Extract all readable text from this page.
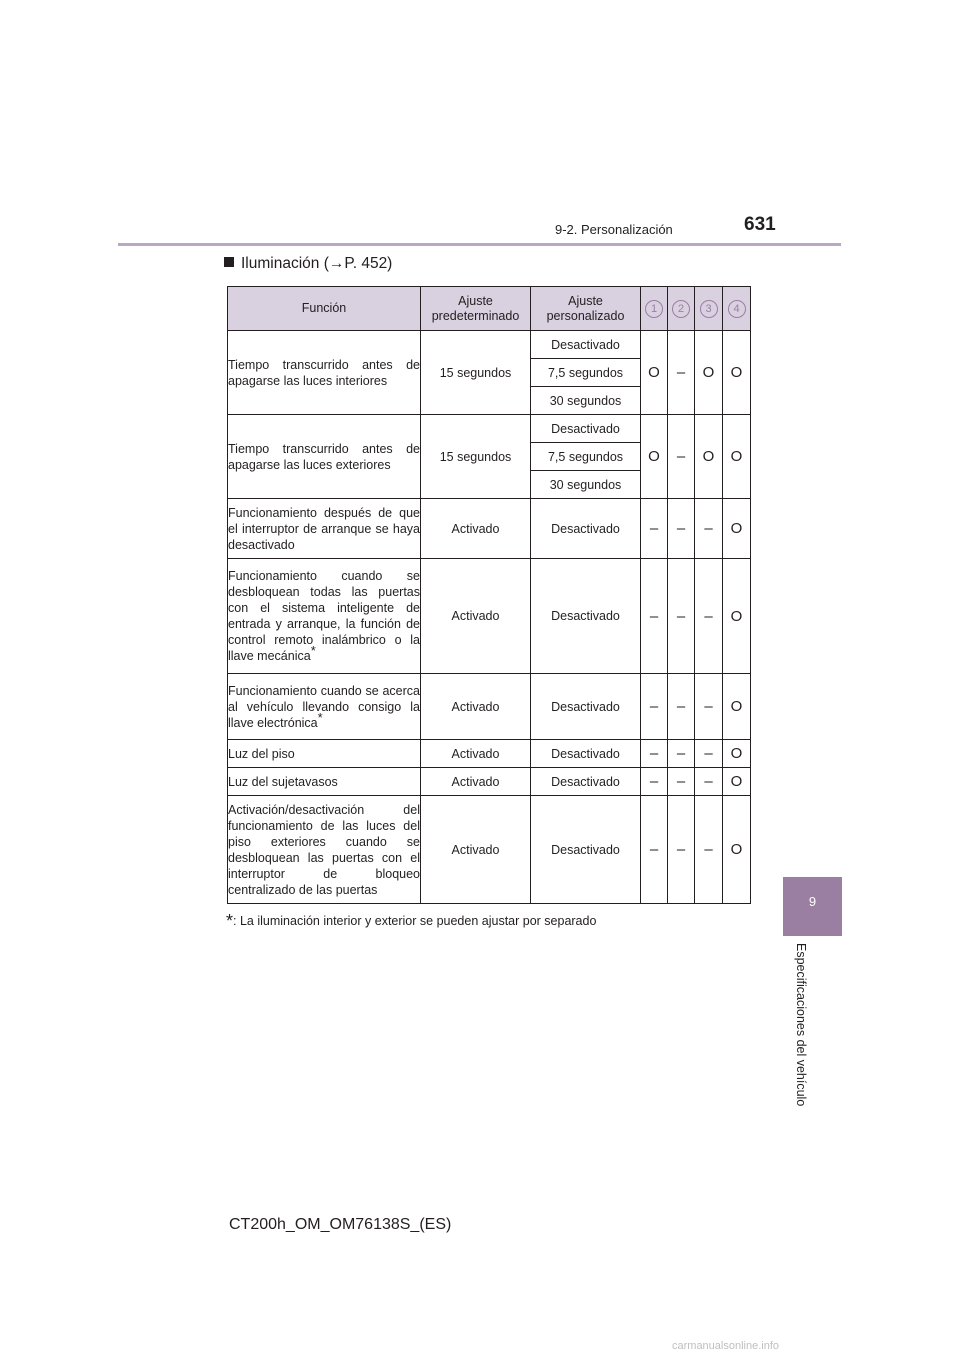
9-2. Personalización	631
9
Especificaciones del vehículo
Iluminación (→P. 452)
Función	Ajuste predeterminado	Ajuste personalizado	1	2	3	4
Tiempo transcurrido antes de apagarse las luces interiores	15 segundos	Desactivado	O	–	O	O
		7,5 segundos				
		30 segundos				
Tiempo transcurrido antes de apagarse las luces exteriores	15 segundos	Desactivado	O	–	O	O
		7,5 segundos				
		30 segundos				
Funcionamiento después de que el interruptor de arranque se haya desactivado	Activado	Desactivado	–	–	–	O
Funcionamiento cuando se desbloquean todas las puertas con el sistema inteligente de entrada y arranque, la función de control remoto inalámbrico o la llave mecánica*	Activado	Desactivado	–	–	–	O
Funcionamiento cuando se acerca al vehículo llevando consigo la llave electrónica*	Activado	Desactivado	–	–	–	O
Luz del piso	Activado	Desactivado	–	–	–	O
Luz del sujetavasos	Activado	Desactivado	–	–	–	O
Activación/desactivación del funcionamiento de las luces del piso exteriores cuando se desbloquean las puertas con el interruptor de bloqueo centralizado de las puertas	Activado	Desactivado	–	–	–	O
*: La iluminación interior y exterior se pueden ajustar por separado
CT200h_OM_OM76138S_(ES)
carmanualsonline.info
